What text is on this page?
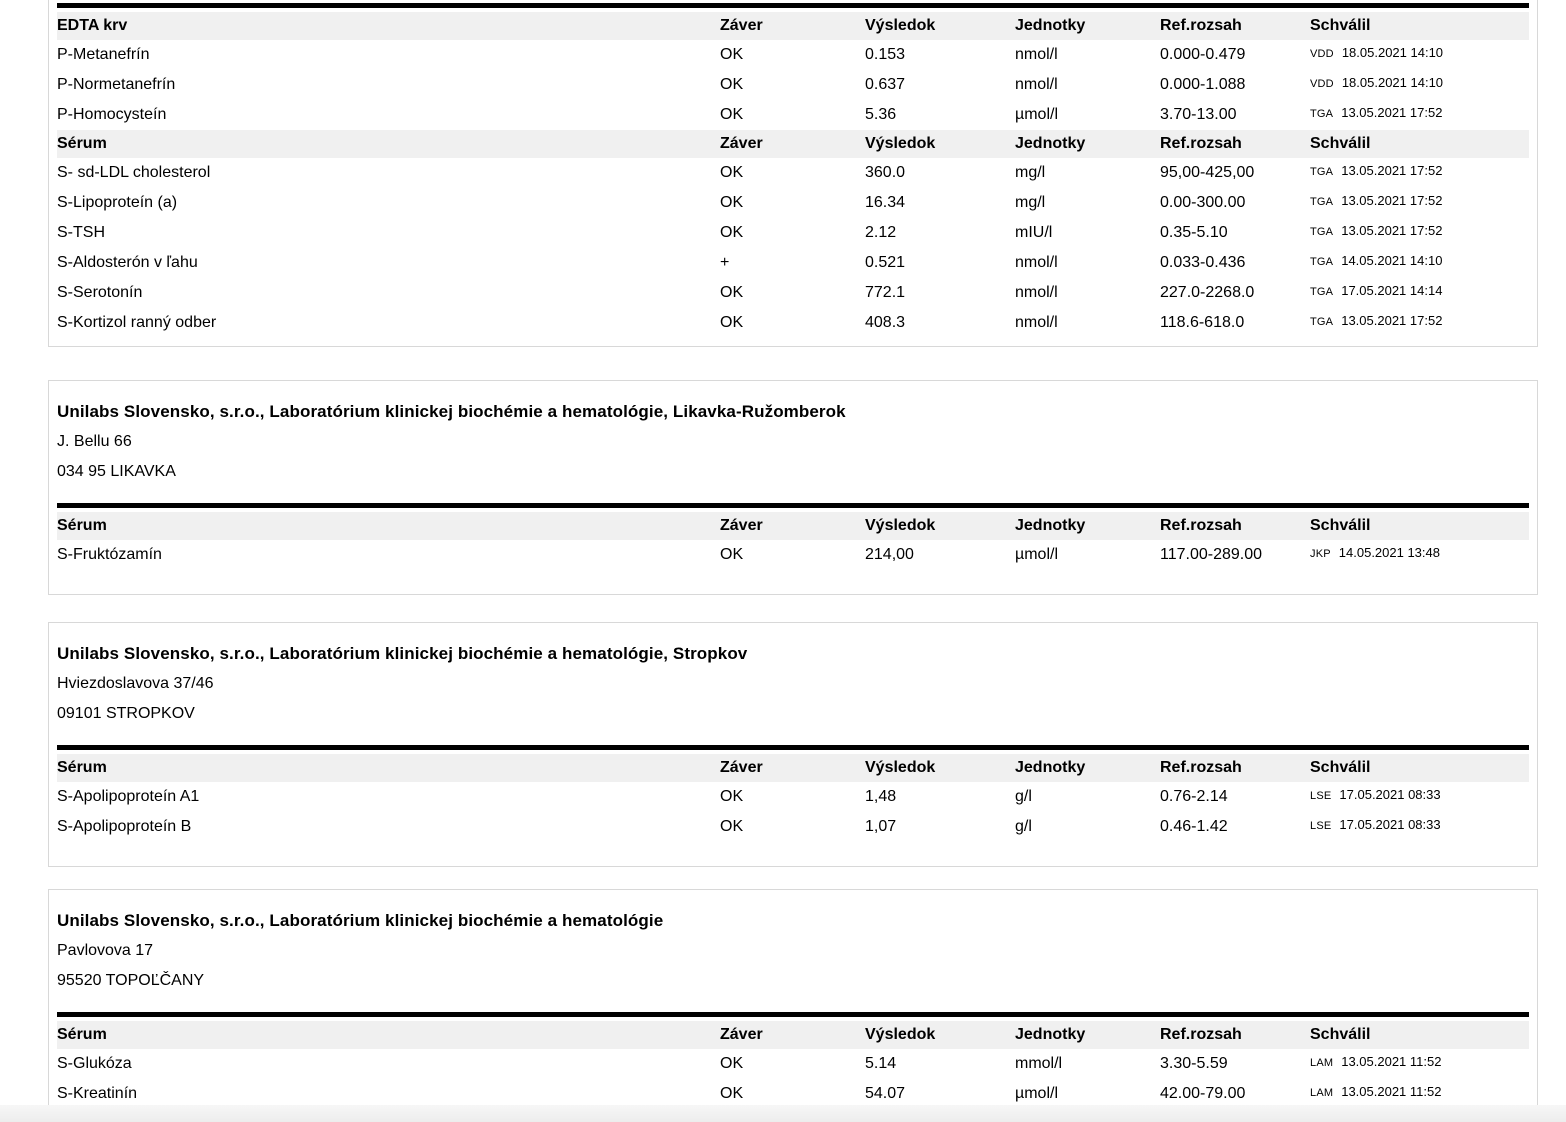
EDTA krv	Záver	Výsledok	Jednotky	Ref.rozsah	Schválil
P-Metanefrín	OK	0.153	nmol/l	0.000-0.479	VDD 18.05.2021 14:10
P-Normetanefrín	OK	0.637	nmol/l	0.000-1.088	VDD 18.05.2021 14:10
P-Homocysteín	OK	5.36	µmol/l	3.70-13.00	TGA 13.05.2021 17:52
Sérum	Záver	Výsledok	Jednotky	Ref.rozsah	Schválil
S- sd-LDL cholesterol	OK	360.0	mg/l	95,00-425,00	TGA 13.05.2021 17:52
S-Lipoproteín (a)	OK	16.34	mg/l	0.00-300.00	TGA 13.05.2021 17:52
S-TSH	OK	2.12	mIU/l	0.35-5.10	TGA 13.05.2021 17:52
S-Aldosterón v ľahu	+	0.521	nmol/l	0.033-0.436	TGA 14.05.2021 14:10
S-Serotonín	OK	772.1	nmol/l	227.0-2268.0	TGA 17.05.2021 14:14
S-Kortizol ranný odber	OK	408.3	nmol/l	118.6-618.0	TGA 13.05.2021 17:52
Unilabs Slovensko, s.r.o., Laboratórium klinickej biochémie a hematológie, Likavka-Ružomberok
J. Bellu 66
034 95 LIKAVKA
Sérum	Záver	Výsledok	Jednotky	Ref.rozsah	Schválil
S-Fruktózamín	OK	214,00	µmol/l	117.00-289.00	JKP 14.05.2021 13:48
Unilabs Slovensko, s.r.o., Laboratórium klinickej biochémie a hematológie, Stropkov
Hviezdoslavova 37/46
09101 STROPKOV
Sérum	Záver	Výsledok	Jednotky	Ref.rozsah	Schválil
S-Apolipoproteín A1	OK	1,48	g/l	0.76-2.14	LSE 17.05.2021 08:33
S-Apolipoproteín B	OK	1,07	g/l	0.46-1.42	LSE 17.05.2021 08:33
Unilabs Slovensko, s.r.o., Laboratórium klinickej biochémie a hematológie
Pavlovova 17
95520 TOPOĽČANY
Sérum	Záver	Výsledok	Jednotky	Ref.rozsah	Schválil
S-Glukóza	OK	5.14	mmol/l	3.30-5.59	LAM 13.05.2021 11:52
S-Kreatinín	OK	54.07	µmol/l	42.00-79.00	LAM 13.05.2021 11:52
